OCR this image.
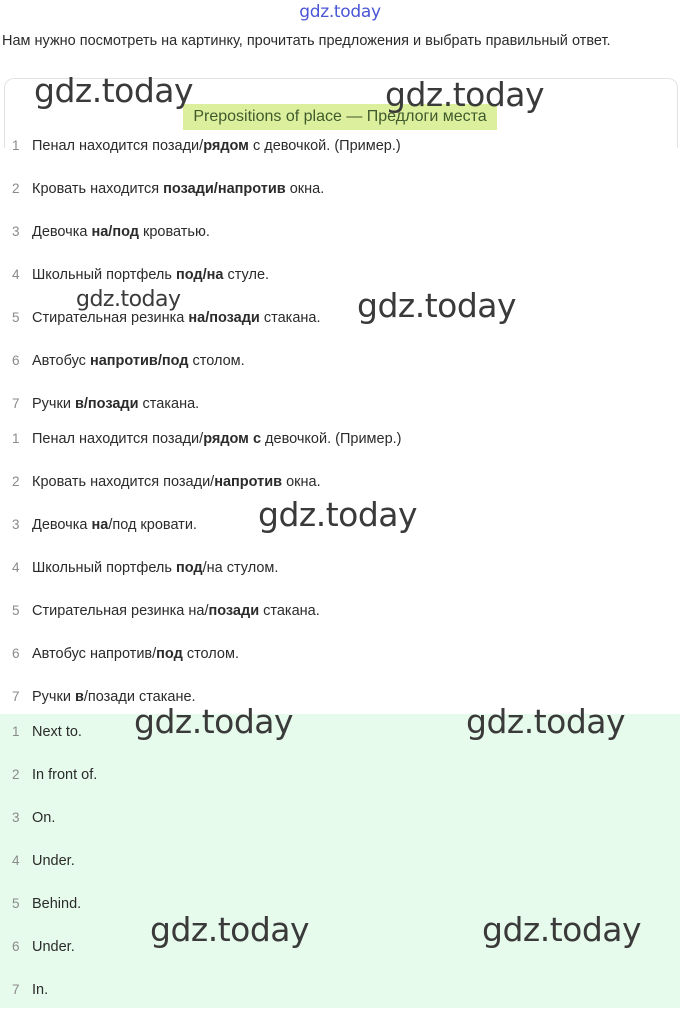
gdz.today
Нам нужно посмотреть на картинку, прочитать предложения и выбрать правильный ответ.
Prepositions of place — Предлоги места
1 Пенал находится позади/рядом с девочкой. (Пример.)
2 Кровать находится позади/напротив окна.
3 Девочка на/под кроватью.
4 Школьный портфель под/на стуле.
5 Стирательная резинка на/позади стакана.
6 Автобус напротив/под столом.
7 Ручки в/позади стакана.
1 Пенал находится позади/рядом с девочкой. (Пример.)
2 Кровать находится позади/напротив окна.
3 Девочка на/под кровати.
4 Школьный портфель под/на стулом.
5 Стирательная резинка на/позади стакана.
6 Автобус напротив/под столом.
7 Ручки в/позади стакане.
1 Next to.
2 In front of.
3 On.
4 Under.
5 Behind.
6 Under.
7 In.
gdz.today	gdz.today
gdz.today	gdz.today
gdz.today
gdz.today	gdz.today
gdz.today	gdz.today
